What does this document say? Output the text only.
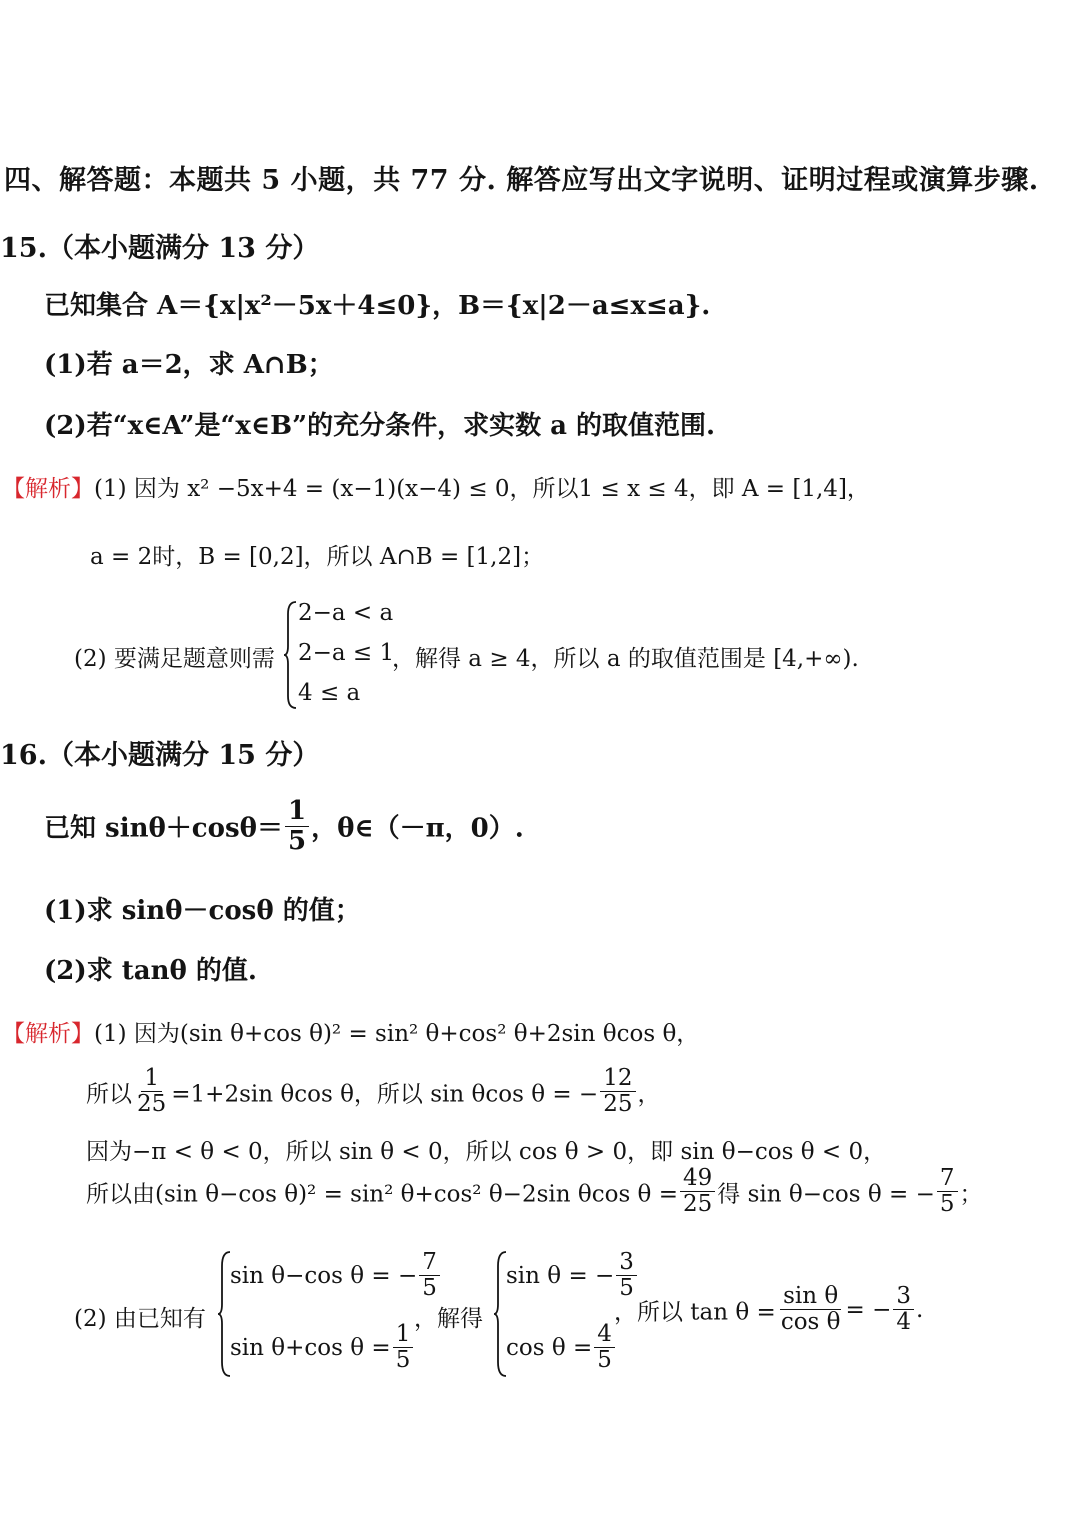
四、解答题：本题共 5 小题，共 77 分. 解答应写出文字说明、证明过程或演算步骤.
15.（本小题满分 13 分）
已知集合 A＝{x|x²－5x＋4≤0}，B＝{x|2－a≤x≤a}.
(1)若 a＝2，求 A∩B；
(2)若“x∈A”是“x∈B”的充分条件，求实数 a 的取值范围.
【解析】(1) 因为 x² −5x+4 = (x−1)(x−4) ≤ 0，所以1 ≤ x ≤ 4，即 A = [1,4]，
a = 2时，B = [0,2]，所以 A∩B = [1,2]；
(2) 要满足题意则需
2−a < a
2−a ≤ 1
4 ≤ a
，解得 a ≥ 4，所以 a 的取值范围是 [4,+∞).
16.（本小题满分 15 分）
已知 $\sin\theta+\cos\theta= \frac{1}{5}$ ，θ∈（－π，0）.
(1)求 sinθ－cosθ 的值；
(2)求 tanθ 的值.
【解析】(1) 因为(sin θ+cos θ)² = sin² θ+cos² θ+2sin θcos θ，
所以 $\frac{1}{25} =1+2\sin$ θcos θ，所以 sin θcos θ = − $\frac{12}{25}$ ，
因为−π < θ < 0，所以 sin θ < 0，所以 cos θ > 0，即 sin θ−cos θ < 0，
所以由(sin θ−cos θ)² = sin² θ+cos² θ−2sin θcos $\theta = \frac{49}{25}$ 得 sin θ−cos θ = − $\frac{7}{5}$ ；
(2) 由已知有
sin θ−cos θ = − $\frac{7}{5}$
sin θ+cos $\theta = \frac{1}{5}$
，解得
sin θ = − $\frac{3}{5}$
$\cos \theta = \frac{4}{5}$
，所以 $\tan \theta = \frac{\text{sin θ}}{\text{cos θ}}$ = − $\frac{3}{4}$ .
